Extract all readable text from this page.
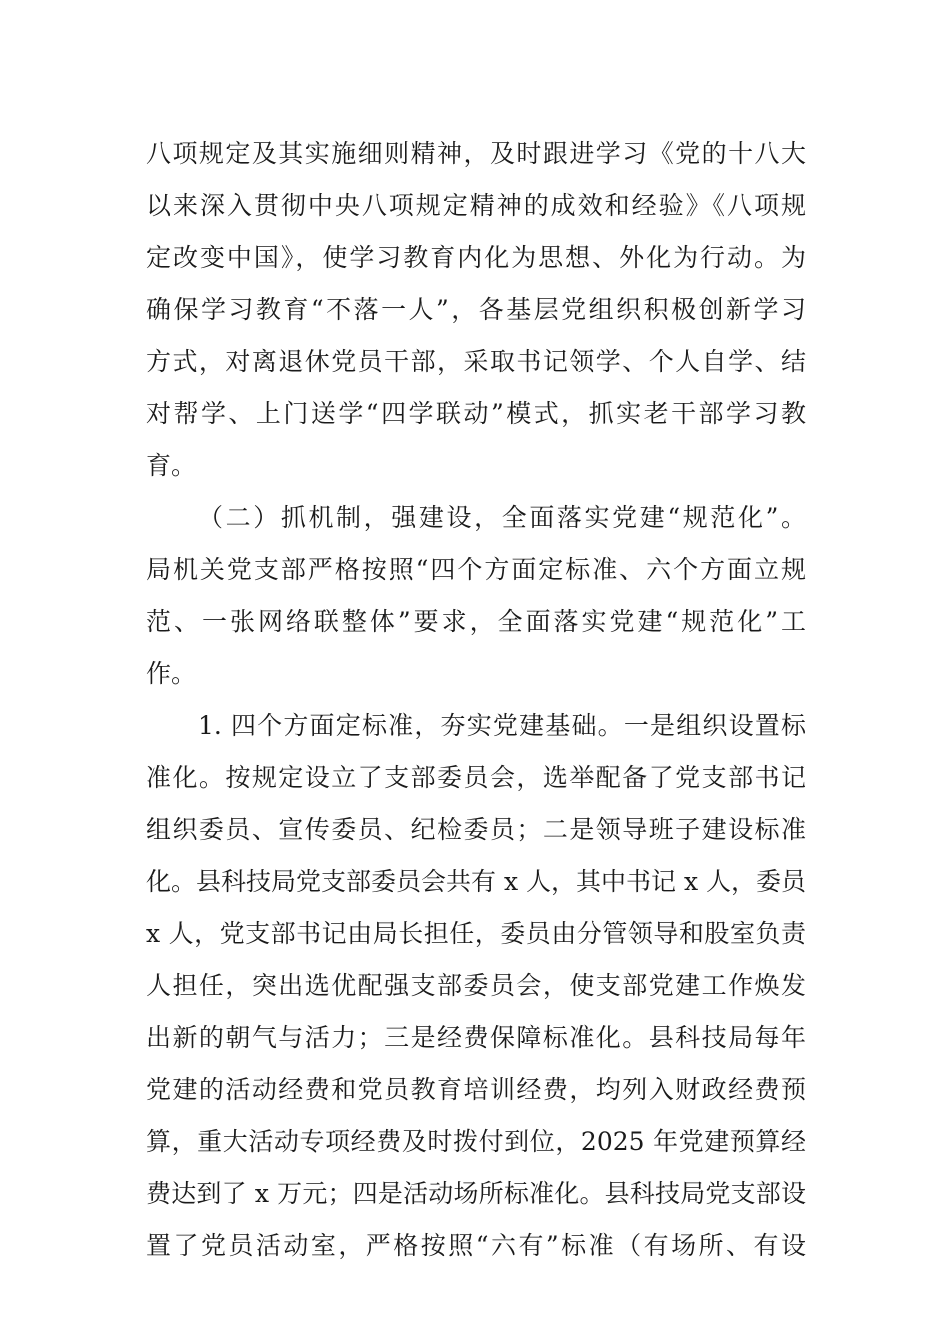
八项规定及其实施细则精神，及时跟进学习《党的十八大
以来深入贯彻中央八项规定精神的成效和经验》《八项规
定改变中国》，使学习教育内化为思想、外化为行动。为
确保学习教育“不落一人”，各基层党组织积极创新学习
方式，对离退休党员干部，采取书记领学、个人自学、结
对帮学、上门送学“四学联动”模式，抓实老干部学习教
育。
（二）抓机制，强建设，全面落实党建“规范化”。
局机关党支部严格按照“四个方面定标准、六个方面立规
范、一张网络联整体”要求，全面落实党建“规范化”工
作。
1. 四个方面定标准，夯实党建基础。一是组织设置标
准化。按规定设立了支部委员会，选举配备了党支部书记
组织委员、宣传委员、纪检委员；二是领导班子建设标准
化。县科技局党支部委员会共有 x 人，其中书记 x 人，委员
x 人，党支部书记由局长担任，委员由分管领导和股室负责
人担任，突出选优配强支部委员会，使支部党建工作焕发
出新的朝气与活力；三是经费保障标准化。县科技局每年
党建的活动经费和党员教育培训经费，均列入财政经费预
算，重大活动专项经费及时拨付到位，2025 年党建预算经
费达到了 x 万元；四是活动场所标准化。县科技局党支部设
置了党员活动室，严格按照“六有”标准（有场所、有设
